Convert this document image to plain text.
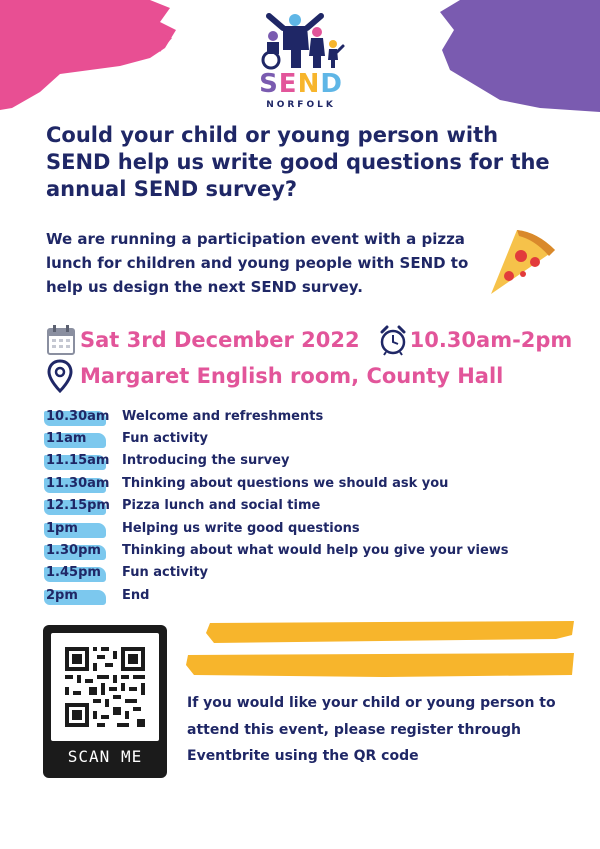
SEND
NORFOLK
Could your child or young person with SEND help us write good questions for the annual SEND survey?
We are running a participation event with a pizza lunch for children and young people with SEND to help us design the next SEND survey.
Sat 3rd December 2022 10.30am-2pm
Margaret English room, County Hall
10.30am Welcome and refreshments
11am	Fun activity
11.15am Introducing the survey
11.30am Thinking about questions we should ask you
12.15pm Pizza lunch and social time
1pm	Helping us write good questions
1.30pm	Thinking about what would help you give your views
1.45pm	Fun activity
2pm	End
SCAN ME
If you would like your child or young person to attend this event, please register through Eventbrite using the QR code
